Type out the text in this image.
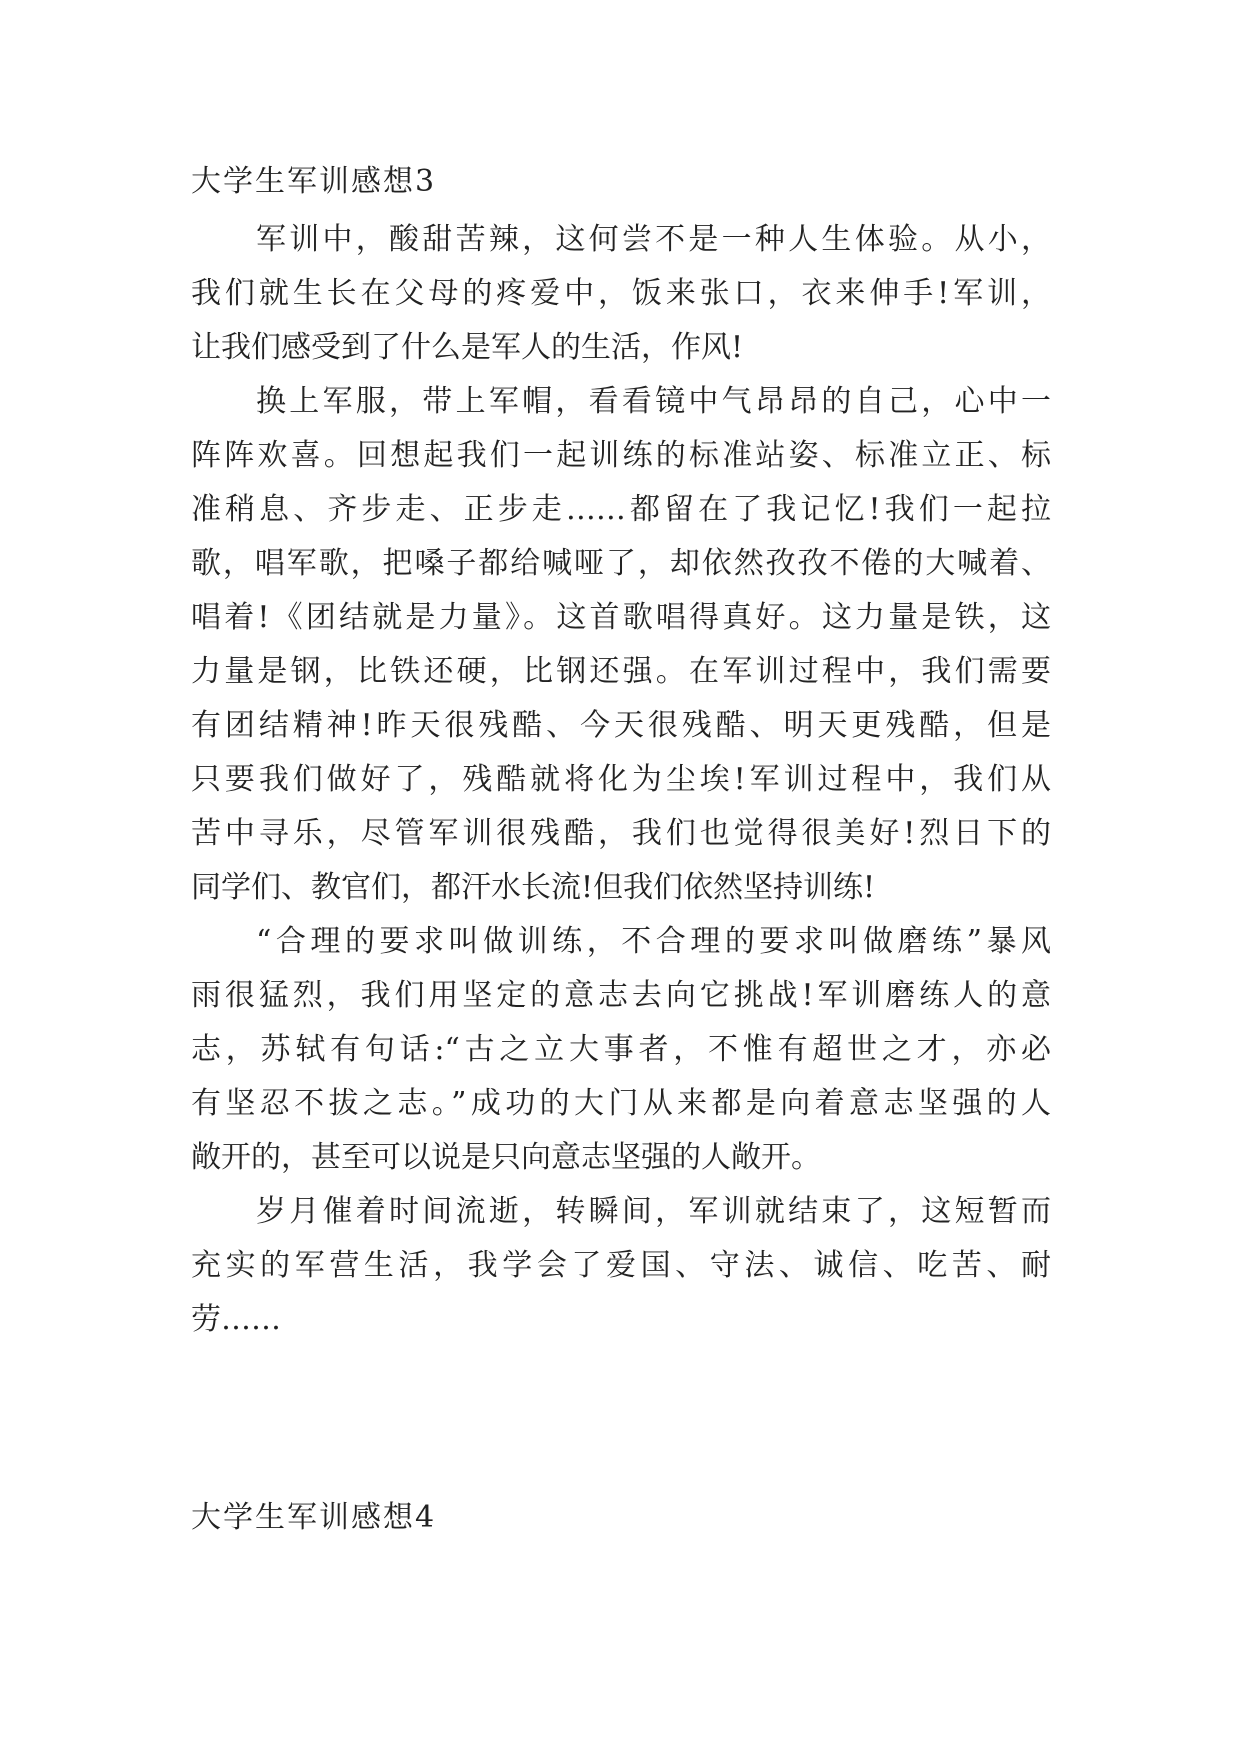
大学生军训感想3
军训中，酸甜苦辣，这何尝不是一种人生体验。从小，
我们就生长在父母的疼爱中，饭来张口，衣来伸手!军训，
让我们感受到了什么是军人的生活，作风!
换上军服，带上军帽，看看镜中气昂昂的自己，心中一
阵阵欢喜。回想起我们一起训练的标准站姿、标准立正、标
准稍息、齐步走、正步走……都留在了我记忆!我们一起拉
歌，唱军歌，把嗓子都给喊哑了，却依然孜孜不倦的大喊着、
唱着!《团结就是力量》。这首歌唱得真好。这力量是铁，这
力量是钢，比铁还硬，比钢还强。在军训过程中，我们需要
有团结精神!昨天很残酷、今天很残酷、明天更残酷，但是
只要我们做好了，残酷就将化为尘埃!军训过程中，我们从
苦中寻乐，尽管军训很残酷，我们也觉得很美好!烈日下的
同学们、教官们，都汗水长流!但我们依然坚持训练!
“合理的要求叫做训练，不合理的要求叫做磨练”暴风
雨很猛烈，我们用坚定的意志去向它挑战!军训磨练人的意
志，苏轼有句话:“古之立大事者，不惟有超世之才，亦必
有坚忍不拔之志。”成功的大门从来都是向着意志坚强的人
敞开的，甚至可以说是只向意志坚强的人敞开。
岁月催着时间流逝，转瞬间，军训就结束了，这短暂而
充实的军营生活，我学会了爱国、守法、诚信、吃苦、耐
劳……
大学生军训感想4
